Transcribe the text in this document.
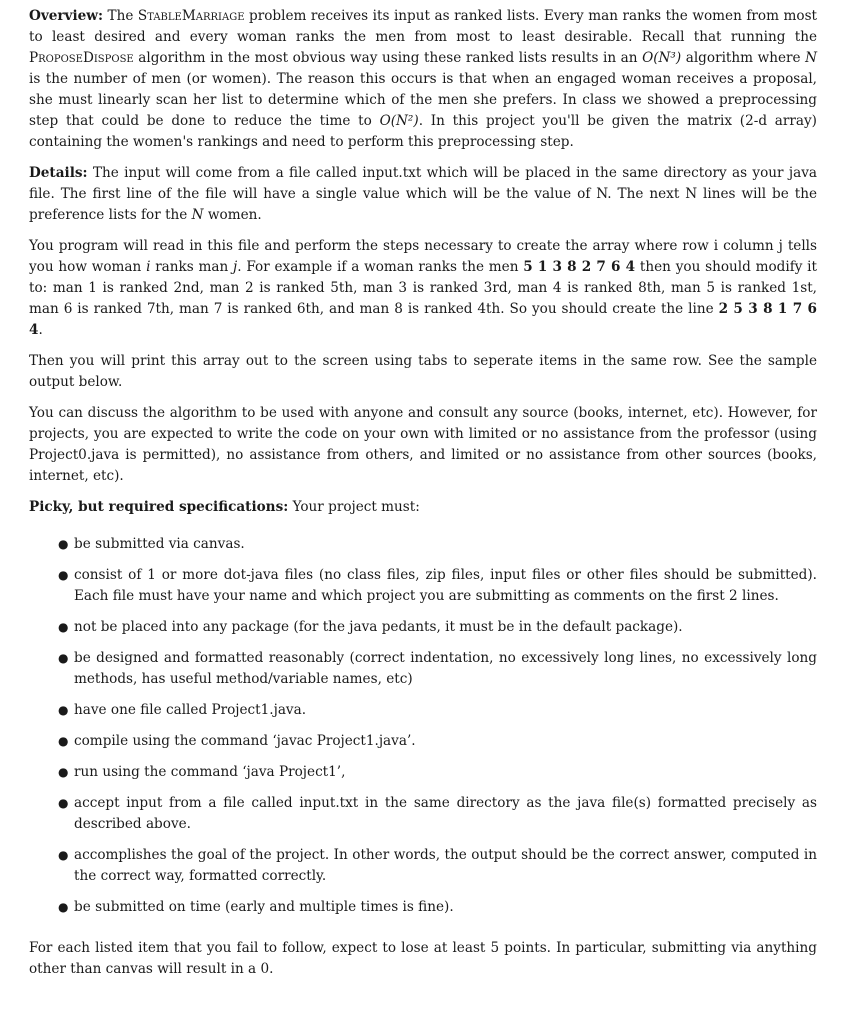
Overview: The StableMarriage problem receives its input as ranked lists. Every man ranks the women from most to least desired and every woman ranks the men from most to least desirable. Recall that running the ProposeDispose algorithm in the most obvious way using these ranked lists results in an O(N³) algorithm where N is the number of men (or women). The reason this occurs is that when an engaged woman receives a proposal, she must linearly scan her list to determine which of the men she prefers. In class we showed a preprocessing step that could be done to reduce the time to O(N²). In this project you'll be given the matrix (2-d array) containing the women's rankings and need to perform this preprocessing step.

Details: The input will come from a file called input.txt which will be placed in the same directory as your java file. The first line of the file will have a single value which will be the value of N. The next N lines will be the preference lists for the N women.

You program will read in this file and perform the steps necessary to create the array where row i column j tells you how woman i ranks man j. For example if a woman ranks the men 5 1 3 8 2 7 6 4 then you should modify it to: man 1 is ranked 2nd, man 2 is ranked 5th, man 3 is ranked 3rd, man 4 is ranked 8th, man 5 is ranked 1st, man 6 is ranked 7th, man 7 is ranked 6th, and man 8 is ranked 4th. So you should create the line 2 5 3 8 1 7 6 4.

Then you will print this array out to the screen using tabs to seperate items in the same row. See the sample output below.

You can discuss the algorithm to be used with anyone and consult any source (books, internet, etc). However, for projects, you are expected to write the code on your own with limited or no assistance from the professor (using Project0.java is permitted), no assistance from others, and limited or no assistance from other sources (books, internet, etc).

Picky, but required specifications: Your project must:

● be submitted via canvas.
● consist of 1 or more dot-java files (no class files, zip files, input files or other files should be submitted). Each file must have your name and which project you are submitting as comments on the first 2 lines.
● not be placed into any package (for the java pedants, it must be in the default package).
● be designed and formatted reasonably (correct indentation, no excessively long lines, no excessively long methods, has useful method/variable names, etc)
● have one file called Project1.java.
● compile using the command ‘javac Project1.java’.
● run using the command ‘java Project1’,
● accept input from a file called input.txt in the same directory as the java file(s) formatted precisely as described above.
● accomplishes the goal of the project. In other words, the output should be the correct answer, computed in the correct way, formatted correctly.
● be submitted on time (early and multiple times is fine).

For each listed item that you fail to follow, expect to lose at least 5 points. In particular, submitting via anything other than canvas will result in a 0.
